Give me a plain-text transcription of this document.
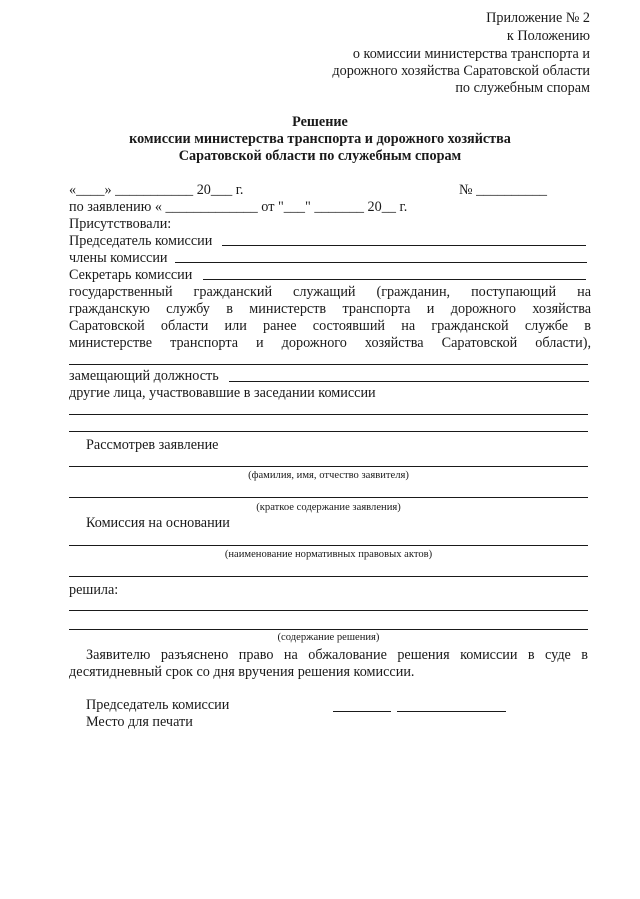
Приложение № 2
к Положению
о комиссии министерства транспорта и
дорожного хозяйства Саратовской области
по служебным спорам
Решение
комиссии министерства транспорта и дорожного хозяйства
Саратовской области по служебным спорам
«____» ___________ 20___ г.	№ __________
по заявлению « _____________ от "___" _______ 20__ г.
Присутствовали:
Председатель комиссии
члены комиссии
Секретарь комиссии
государственный гражданский служащий (гражданин, поступающий на
гражданскую службу в министерств транспорта и дорожного хозяйства
Саратовской области или ранее состоявший на гражданской службе в
министерстве транспорта и дорожного хозяйства Саратовской области),
замещающий должность
другие лица, участвовавшие в заседании комиссии
Рассмотрев заявление
(фамилия, имя, отчество заявителя)
(краткое содержание заявления)
Комиссия на основании
(наименование нормативных правовых актов)
решила:
(содержание решения)
Заявителю разъяснено право на обжалование решения комиссии в суде в
десятидневный срок со дня вручения решения комиссии.
Председатель комиссии
Место для печати
